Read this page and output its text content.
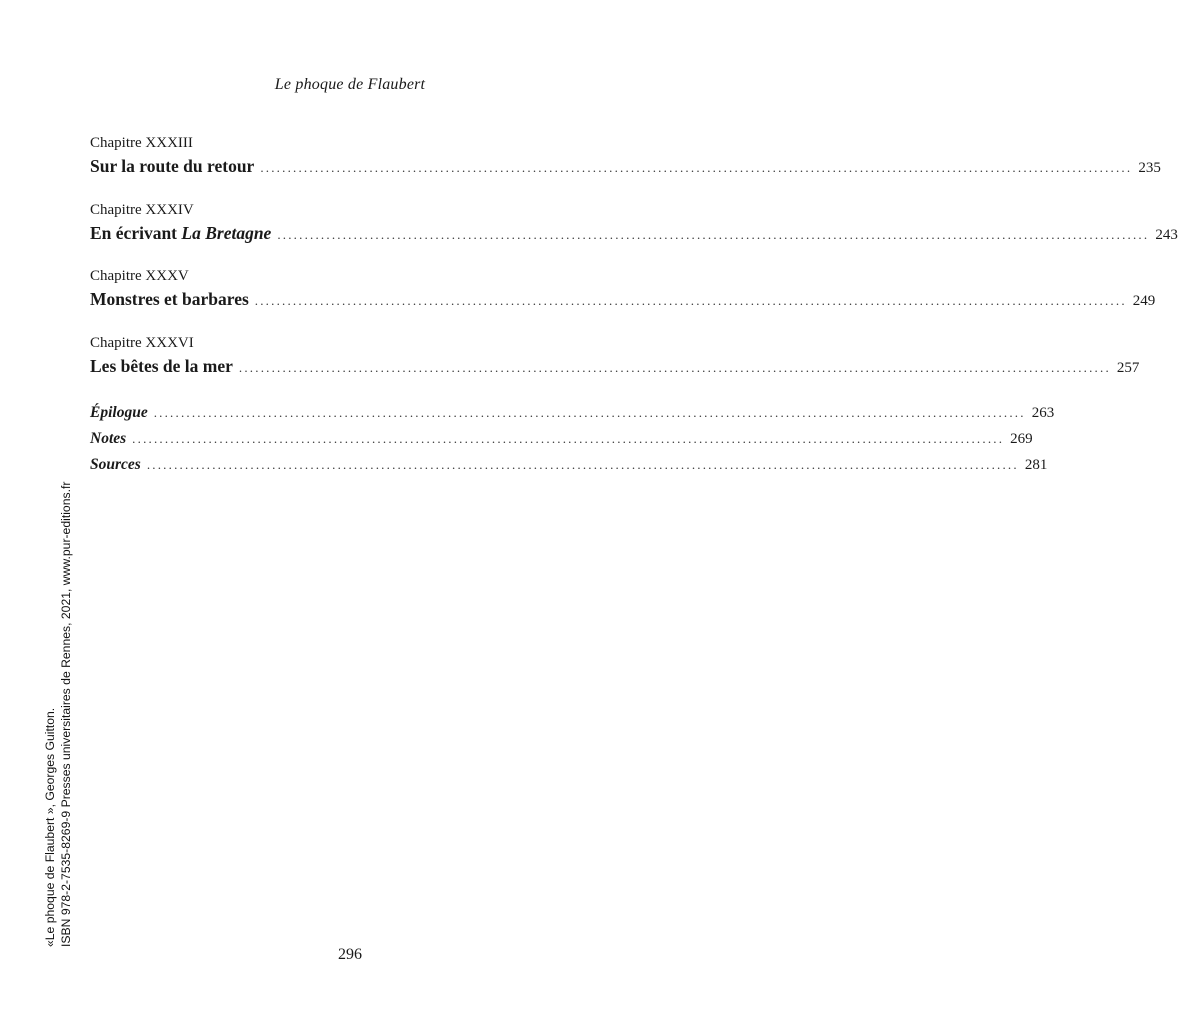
Le phoque de Flaubert
Chapitre XXXIII
Sur la route du retour ................................................................................................................................................................ 235
Chapitre XXXIV
En écrivant La Bretagne ................................................................................................................................................................ 243
Chapitre XXXV
Monstres et barbares ................................................................................................................................................................ 249
Chapitre XXXVI
Les bêtes de la mer ................................................................................................................................................................ 257
Épilogue ................................................................................................................................................................ 263
Notes ................................................................................................................................................................ 269
Sources ................................................................................................................................................................ 281
«Le phoque de Flaubert », Georges Guitton. ISBN 978-2-7535-8269-9 Presses universitaires de Rennes, 2021, www.pur-editions.fr
296
